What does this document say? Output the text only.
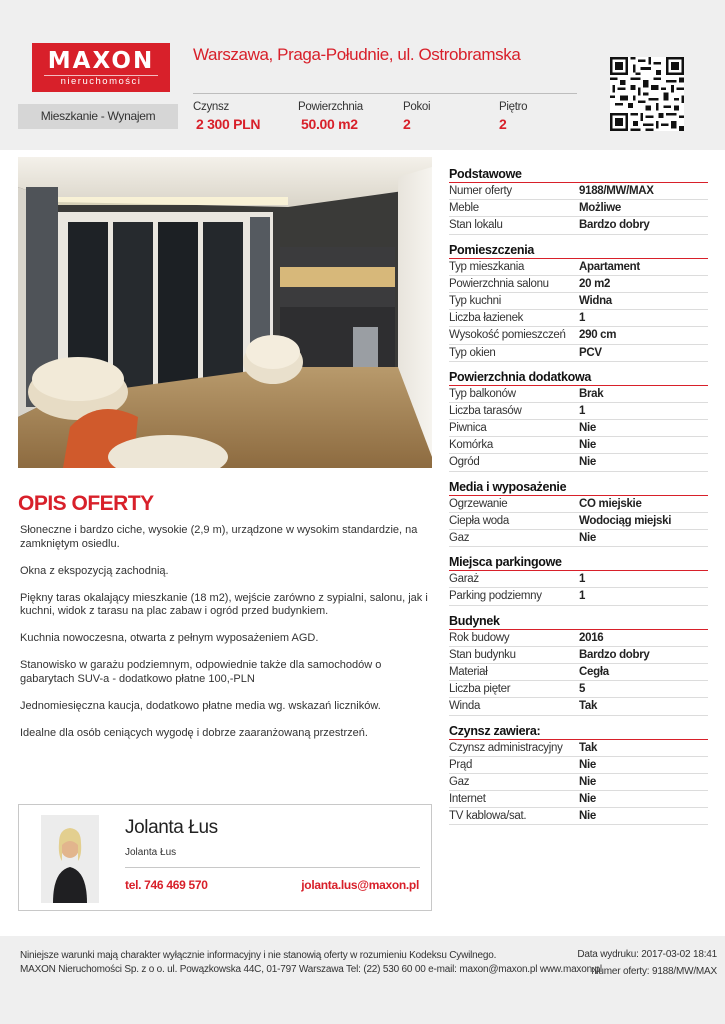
MAXON
nieruchomości
Warszawa, Praga-Południe, ul. Ostrobramska
Mieszkanie - Wynajem
Czynsz
2 300 PLN
Powierzchnia
50.00 m2
Pokoi
2
Piętro
2
OPIS OFERTY

Słoneczne i bardzo ciche, wysokie (2,9 m), urządzone w wysokim standardzie, na zamkniętym osiedlu.

Okna z ekspozycją zachodnią.

Piękny taras okalający mieszkanie (18 m2), wejście zarówno z sypialni, salonu, jak i kuchni, widok z tarasu na plac zabaw i ogród przed budynkiem.

Kuchnia nowoczesna, otwarta z pełnym wyposażeniem AGD.

Stanowisko w garażu podziemnym, odpowiednie także dla samochodów o gabarytach SUV-a - dodatkowo płatne 100,-PLN

Jednomiesięczna kaucja, dodatkowo płatne media wg. wskazań liczników.

Idealne dla osób ceniących wygodę i dobrze zaaranżowaną przestrzeń.

Jolanta Łus
Jolanta Łus
tel. 746 469 570	jolanta.lus@maxon.pl
Podstawowe
Numer oferty	9188/MW/MAX
Meble	Możliwe
Stan lokalu	Bardzo dobry
Pomieszczenia
Typ mieszkania	Apartament
Powierzchnia salonu	20 m2
Typ kuchni	Widna
Liczba łazienek	1
Wysokość pomieszczeń	290 cm
Typ okien	PCV
Powierzchnia dodatkowa
Typ balkonów	Brak
Liczba tarasów	1
Piwnica	Nie
Komórka	Nie
Ogród	Nie
Media i wyposażenie
Ogrzewanie	CO miejskie
Ciepła woda	Wodociąg miejski
Gaz	Nie
Miejsca parkingowe
Garaż	1
Parking podziemny	1
Budynek
Rok budowy	2016
Stan budynku	Bardzo dobry
Materiał	Cegła
Liczba pięter	5
Winda	Tak
Czynsz zawiera:
Czynsz administracyjny	Tak
Prąd	Nie
Gaz	Nie
Internet	Nie
TV kablowa/sat.	Nie
Niniejsze warunki mają charakter wyłącznie informacyjny i nie stanowią oferty w rozumieniu Kodeksu Cywilnego.
MAXON Nieruchomości Sp. z o o. ul. Powązkowska 44C, 01-797 Warszawa Tel: (22) 530 60 00 e-mail: maxon@maxon.pl www.maxon.pl
Data wydruku: 2017-03-02 18:41
Numer oferty: 9188/MW/MAX
